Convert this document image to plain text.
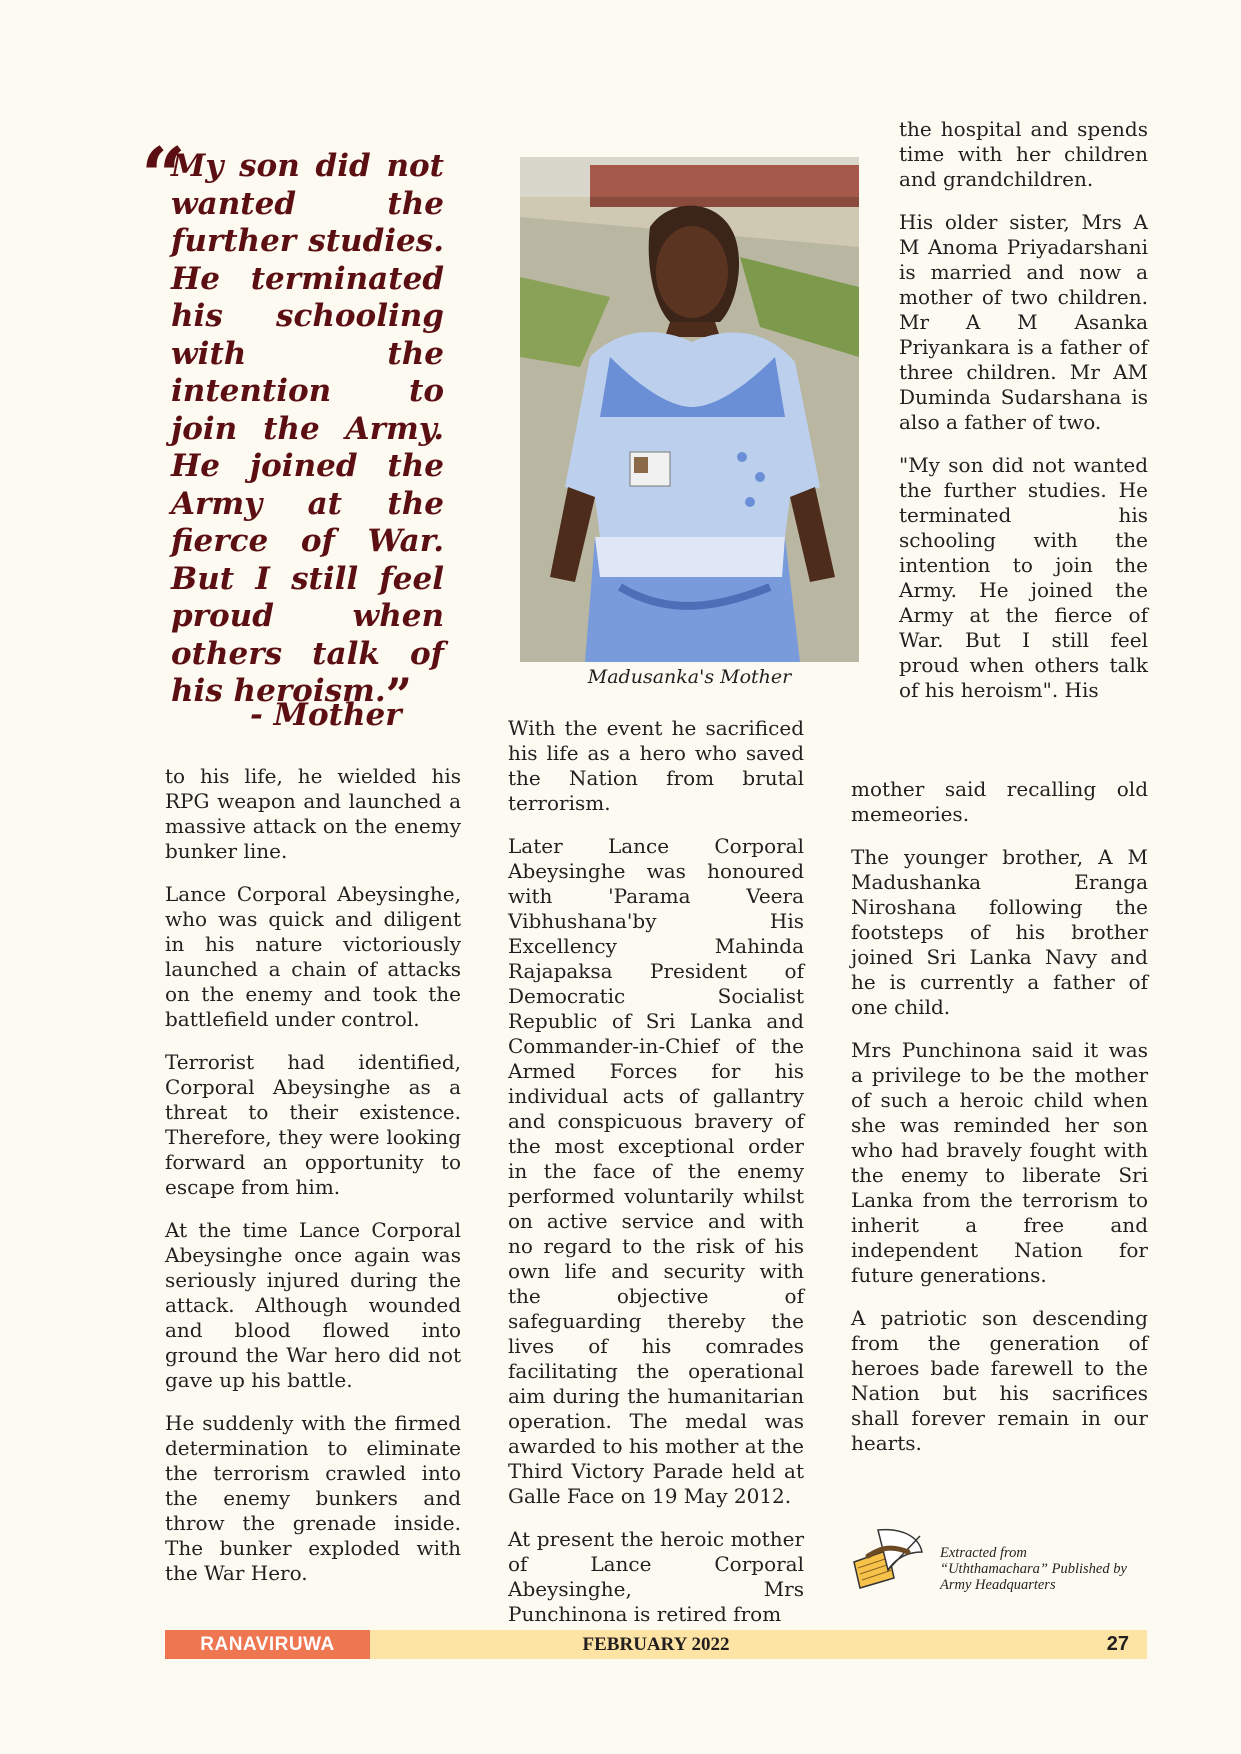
“

My son did not wanted the further studies. He terminated his schooling with the intention to join the Army. He joined the Army at the fierce of War. But I still feel proud when others talk of his heroism.”

- Mother

to his life, he wielded his RPG weapon and launched a massive attack on the enemy bunker line.

Lance Corporal Abeysinghe, who was quick and diligent in his nature victoriously launched a chain of attacks on the enemy and took the battlefield under control.

Terrorist had identified, Corporal Abeysinghe as a threat to their existence. Therefore, they were looking forward an opportunity to escape from him.

At the time Lance Corporal Abeysinghe once again was seriously injured during the attack. Although wounded and blood flowed into ground the War hero did not gave up his battle.

He suddenly with the firmed determination to eliminate the terrorism crawled into the enemy bunkers and throw the grenade inside. The bunker exploded with the War Hero.

Madusanka's Mother

With the event he sacrificed his life as a hero who saved the Nation from brutal terrorism.

Later Lance Corporal Abeysinghe was honoured with 'Parama Veera Vibhushana'by His Excellency Mahinda Rajapaksa President of Democratic Socialist Republic of Sri Lanka and Commander-in-Chief of the Armed Forces for his individual acts of gallantry and conspicuous bravery of the most exceptional order in the face of the enemy performed voluntarily whilst on active service and with no regard to the risk of his own life and security with the objective of safeguarding thereby the lives of his comrades facilitating the operational aim during the humanitarian operation. The medal was awarded to his mother at the Third Victory Parade held at Galle Face on 19 May 2012.

At present the heroic mother of Lance Corporal Abeysinghe, Mrs Punchinona is retired from

the hospital and spends time with her children and grandchildren.

His older sister, Mrs A M Anoma Priyadarshani is married and now a mother of two children. Mr A M Asanka Priyankara is a father of three children. Mr AM Duminda Sudarshana is also a father of two.

"My son did not wanted the further studies. He terminated his schooling with the intention to join the Army. He joined the Army at the fierce of War. But I still feel proud when others talk of his heroism". His

mother said recalling old memeories.

The younger brother, A M Madushanka Eranga Niroshana following the footsteps of his brother joined Sri Lanka Navy and he is currently a father of one child.

Mrs Punchinona said it was a privilege to be the mother of such a heroic child when she was reminded her son who had bravely fought with the enemy to liberate Sri Lanka from the terrorism to inherit a free and independent Nation for future generations.

A patriotic son descending from the generation of heroes bade farewell to the Nation but his sacrifices shall forever remain in our hearts.

Extracted from
“Uththamachara” Published by
Army Headquarters
FEBRUARY 2022
RANAVIRUWA	27
